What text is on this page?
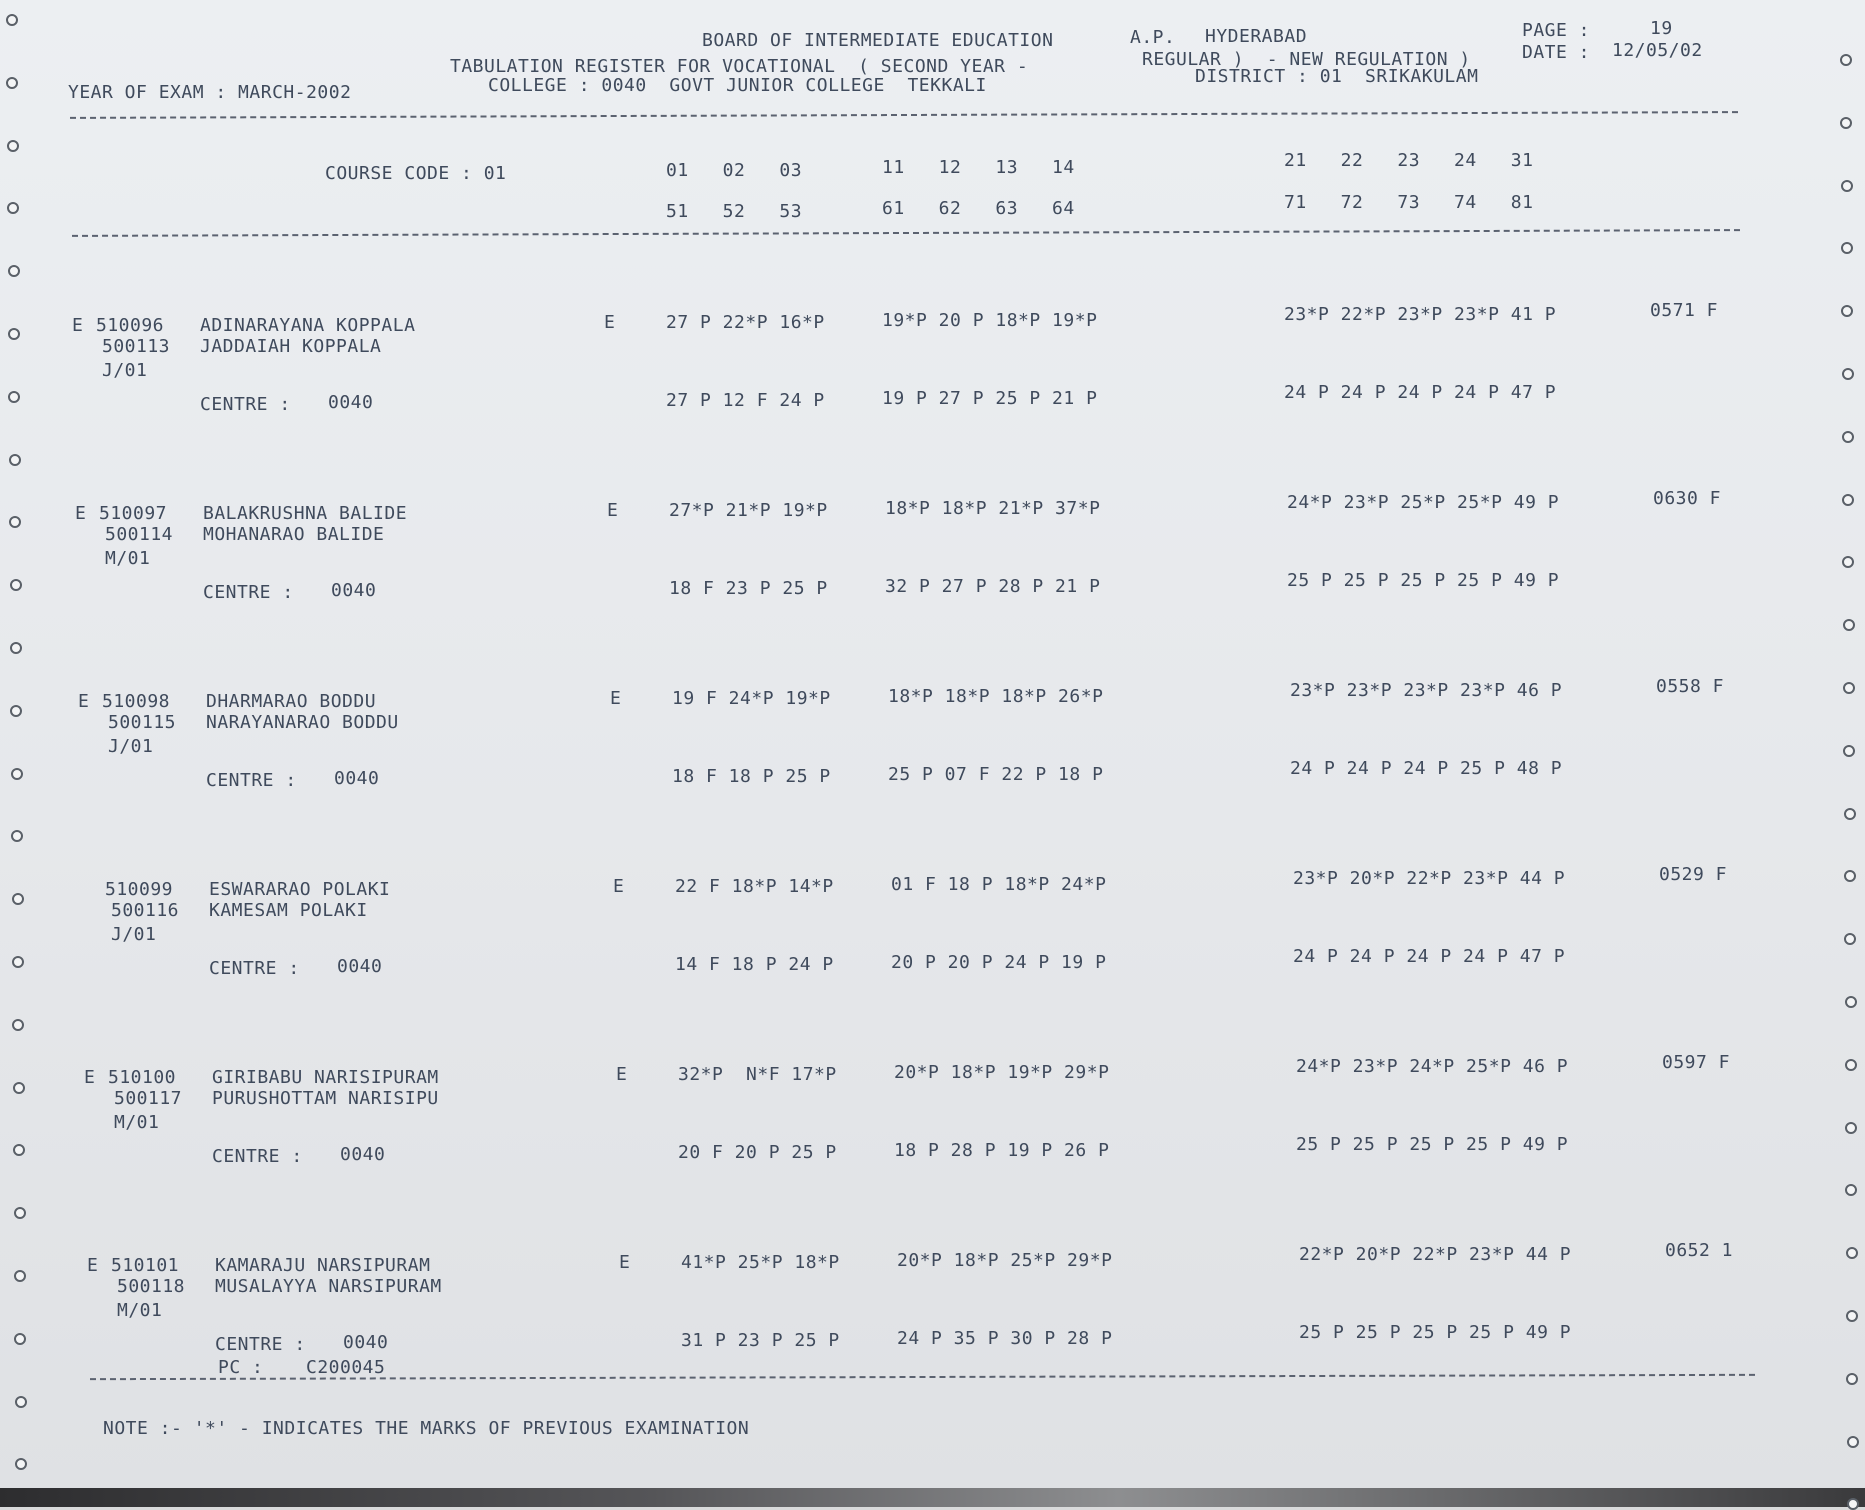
BOARD OF INTERMEDIATE EDUCATION	A.P. HYDERABAD	PAGE :	19
TABULATION REGISTER FOR VOCATIONAL  ( SECOND YEAR -	REGULAR )  - NEW REGULATION )	DATE : 12/05/02
YEAR OF EXAM : MARCH-2002	COLLEGE : 0040  GOVT JUNIOR COLLEGE  TEKKALI	DISTRICT : 01  SRIKAKULAM
COURSE CODE : 01	01   02   03	11   12   13   14	21   22   23   24   31
51   52   53	61   62   63   64	71   72   73   74   81
E 510096 ADINARAYANA KOPPALA
500113 JADDAIAH KOPPALA
J/01
E	27 P 22*P 16*P	19*P 20 P 18*P 19*P	23*P 22*P 23*P 23*P 41 P	0571 F
CENTRE : 0040	27 P 12 F 24 P	19 P 27 P 25 P 21 P	24 P 24 P 24 P 24 P 47 P
E 510097 BALAKRUSHNA BALIDE
500114 MOHANARAO BALIDE
M/01
E	27*P 21*P 19*P	18*P 18*P 21*P 37*P	24*P 23*P 25*P 25*P 49 P	0630 F
CENTRE : 0040	18 F 23 P 25 P	32 P 27 P 28 P 21 P	25 P 25 P 25 P 25 P 49 P
E 510098 DHARMARAO BODDU
500115 NARAYANARAO BODDU
J/01
E	19 F 24*P 19*P	18*P 18*P 18*P 26*P	23*P 23*P 23*P 23*P 46 P	0558 F
CENTRE : 0040	18 F 18 P 25 P	25 P 07 F 22 P 18 P	24 P 24 P 24 P 25 P 48 P
510099 ESWARARAO POLAKI
500116 KAMESAM POLAKI
J/01
E	22 F 18*P 14*P	01 F 18 P 18*P 24*P	23*P 20*P 22*P 23*P 44 P	0529 F
CENTRE : 0040	14 F 18 P 24 P	20 P 20 P 24 P 19 P	24 P 24 P 24 P 24 P 47 P
E 510100 GIRIBABU NARISIPURAM
500117 PURUSHOTTAM NARISIPU
M/01
E	32*P  N*F 17*P	20*P 18*P 19*P 29*P	24*P 23*P 24*P 25*P 46 P	0597 F
CENTRE : 0040	20 F 20 P 25 P	18 P 28 P 19 P 26 P	25 P 25 P 25 P 25 P 49 P
E 510101 KAMARAJU NARSIPURAM
500118 MUSALAYYA NARSIPURAM
M/01
E	41*P 25*P 18*P	20*P 18*P 25*P 29*P	22*P 20*P 22*P 23*P 44 P	0652 1
CENTRE : 0040	31 P 23 P 25 P	24 P 35 P 30 P 28 P	25 P 25 P 25 P 25 P 49 P
PC : C200045
NOTE :- '*' - INDICATES THE MARKS OF PREVIOUS EXAMINATION
